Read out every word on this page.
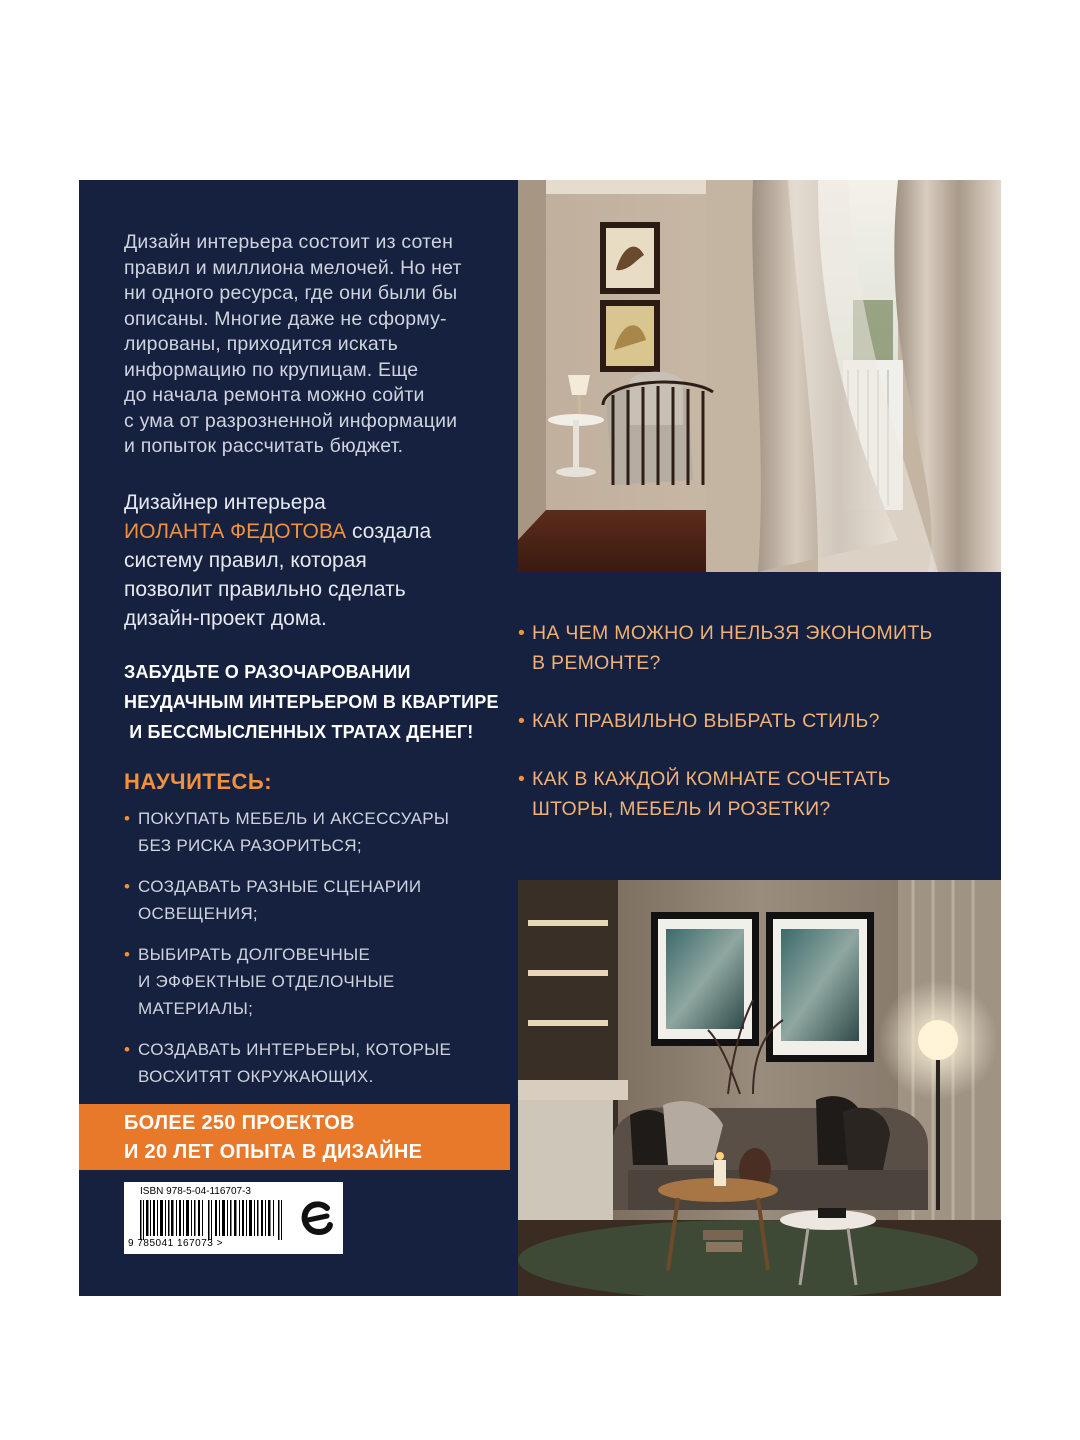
Дизайн интерьера состоит из сотен

правил и миллиона мелочей. Но нет

ни одного ресурса, где они были бы

описаны. Многие даже не сформу-

лированы, приходится искать

информацию по крупицам. Еще

до начала ремонта можно сойти

с ума от разрозненной информации

и попыток рассчитать бюджет.

Дизайнер интерьера
ИОЛАНТА ФЕДОТОВА создала
систему правил, которая
позволит правильно сделать
дизайн-проект дома.
ЗАБУДЬТЕ О РАЗОЧАРОВАНИИ
НЕУДАЧНЫМ ИНТЕРЬЕРОМ В КВАРТИРЕ
И БЕССМЫСЛЕННЫХ ТРАТАХ ДЕНЕГ!
НАУЧИТЕСЬ:
• ПОКУПАТЬ МЕБЕЛЬ И АКСЕССУАРЫ
БЕЗ РИСКА РАЗОРИТЬСЯ;
• СОЗДАВАТЬ РАЗНЫЕ СЦЕНАРИИ
ОСВЕЩЕНИЯ;
• ВЫБИРАТЬ ДОЛГОВЕЧНЫЕ
И ЭФФЕКТНЫЕ ОТДЕЛОЧНЫЕ
МАТЕРИАЛЫ;
• СОЗДАВАТЬ ИНТЕРЬЕРЫ, КОТОРЫЕ
ВОСХИТЯТ ОКРУЖАЮЩИХ.
БОЛЕЕ 250 ПРОЕКТОВ
И 20 ЛЕТ ОПЫТА В ДИЗАЙНЕ
ISBN 978-5-04-116707-3
9 785041 167073 >
• НА ЧЕМ МОЖНО И НЕЛЬЗЯ ЭКОНОМИТЬ
В РЕМОНТЕ?
• КАК ПРАВИЛЬНО ВЫБРАТЬ СТИЛЬ?
• КАК В КАЖДОЙ КОМНАТЕ СОЧЕТАТЬ
ШТОРЫ, МЕБЕЛЬ И РОЗЕТКИ?
